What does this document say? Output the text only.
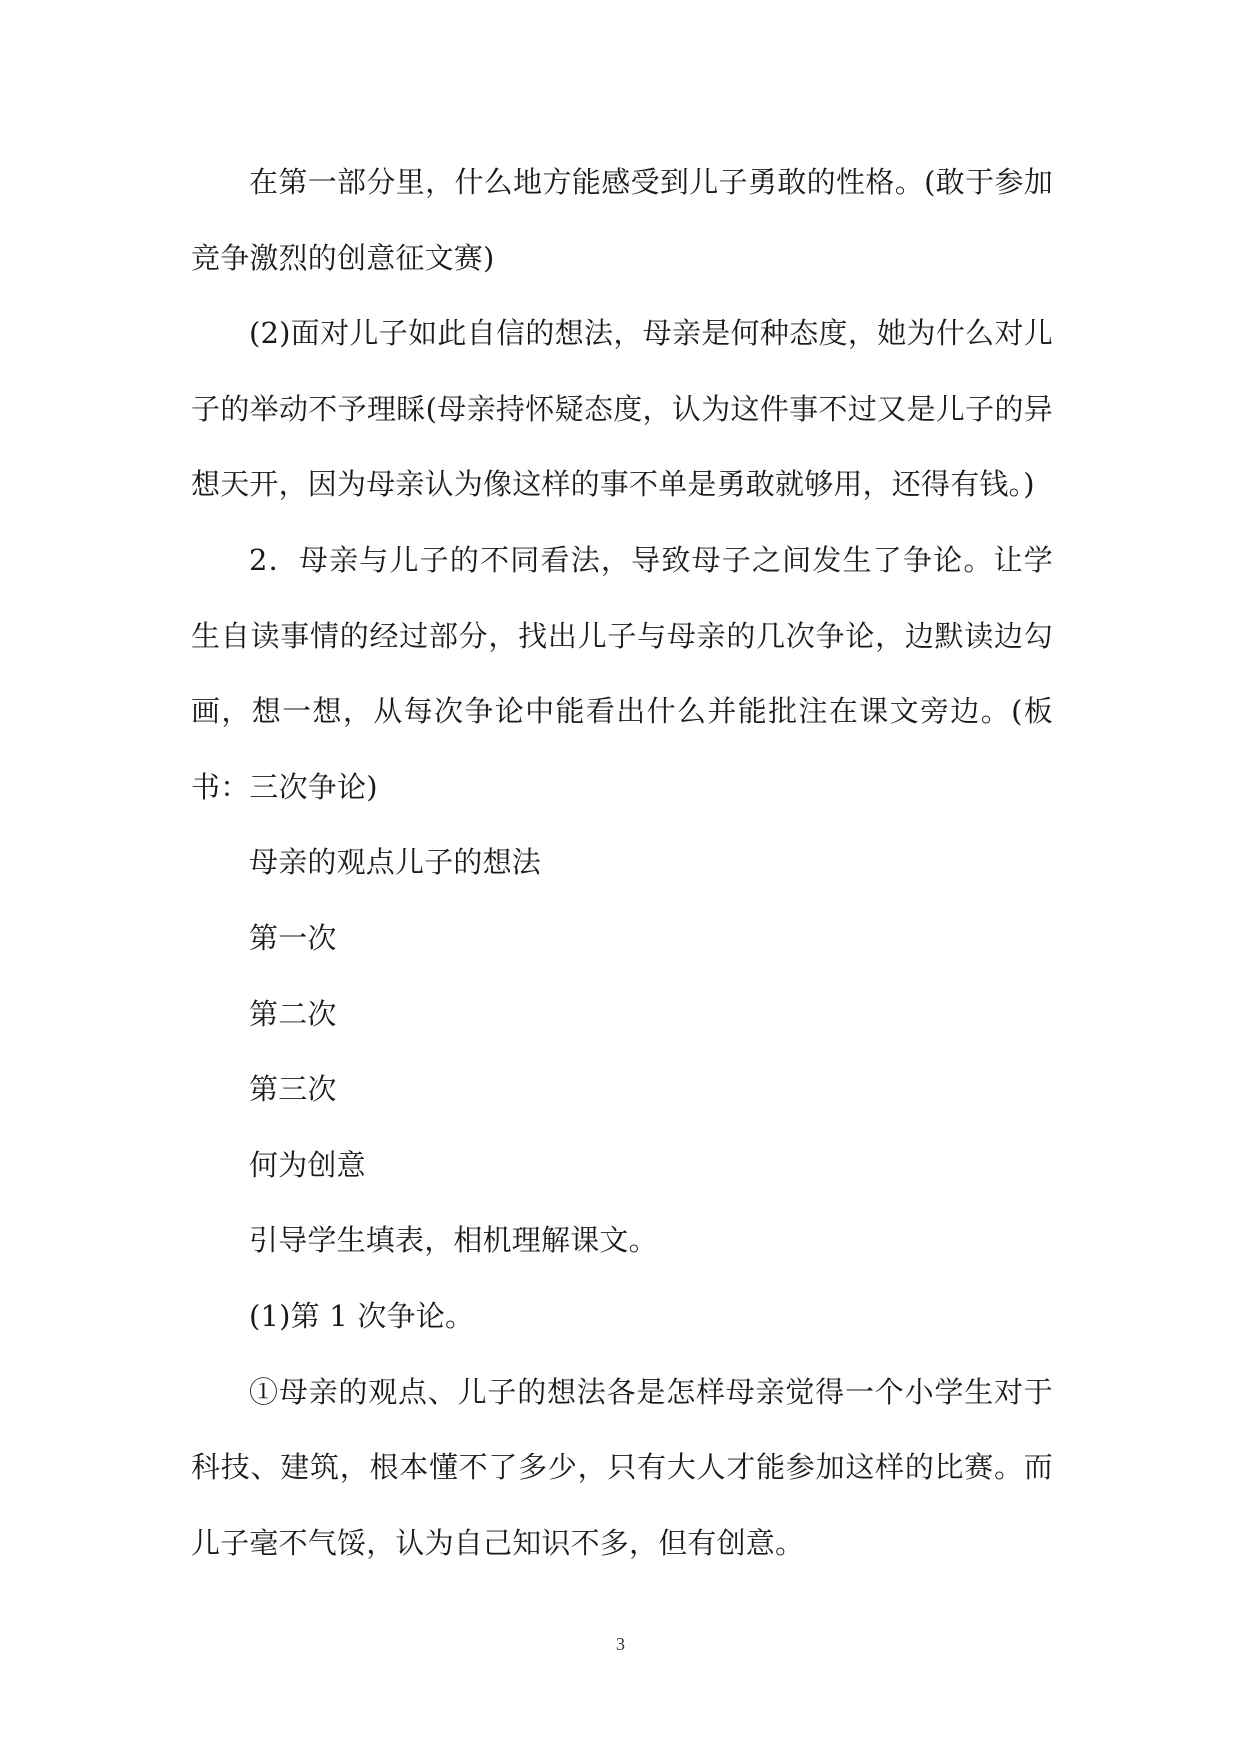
在第一部分里，什么地方能感受到儿子勇敢的性格。(敢于参加竞争激烈的创意征文赛)

(2)面对儿子如此自信的想法，母亲是何种态度，她为什么对儿子的举动不予理睬(母亲持怀疑态度，认为这件事不过又是儿子的异想天开，因为母亲认为像这样的事不单是勇敢就够用，还得有钱。)

2．母亲与儿子的不同看法，导致母子之间发生了争论。让学生自读事情的经过部分，找出儿子与母亲的几次争论，边默读边勾画，想一想，从每次争论中能看出什么并能批注在课文旁边。(板书：三次争论)

母亲的观点儿子的想法

第一次

第二次

第三次

何为创意

引导学生填表，相机理解课文。

(1)第 1 次争论。

①母亲的观点、儿子的想法各是怎样母亲觉得一个小学生对于科技、建筑，根本懂不了多少，只有大人才能参加这样的比赛。而儿子毫不气馁，认为自己知识不多，但有创意。

3
